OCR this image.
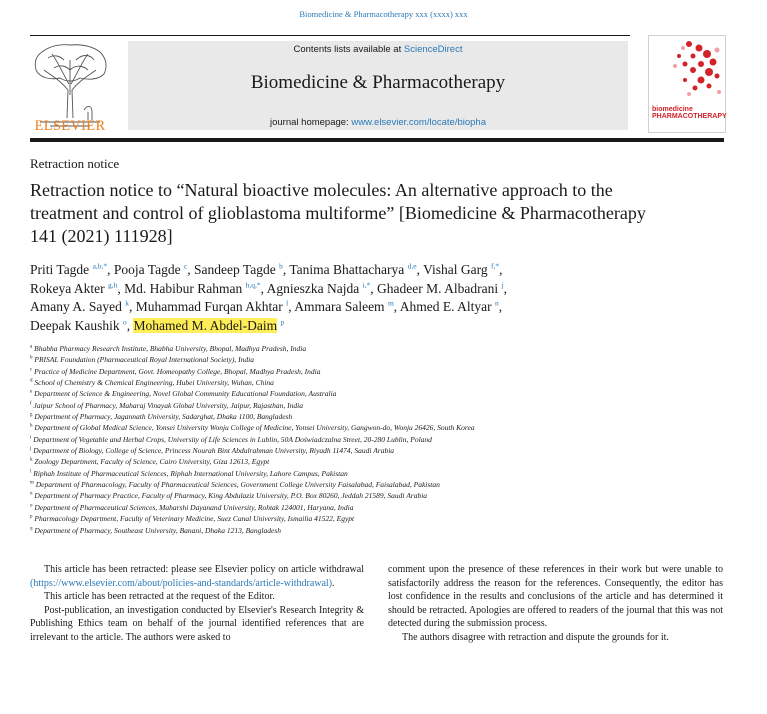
Biomedicine & Pharmacotherapy xxx (xxxx) xxx
ELSEVIER
Contents lists available at ScienceDirect
Biomedicine & Pharmacotherapy
journal homepage: www.elsevier.com/locate/biopha
biomedicine
PHARMACOTHERAPY
Retraction notice
Retraction notice to “Natural bioactive molecules: An alternative approach to the treatment and control of glioblastoma multiforme” [Biomedicine & Pharmacotherapy 141 (2021) 111928]
Priti Tagde $^{a,b,*}$, Pooja Tagde $^c$, Sandeep Tagde $^b$, Tanima Bhattacharya $^{d,e}$, Vishal Garg $^{f,*}$,
Rokeya Akter $^{g,h}$, Md. Habibur Rahman $^{h,q,*}$, Agnieszka Najda $^{i,*}$, Ghadeer M. Albadrani $^j$,
Amany A. Sayed $^k$, Muhammad Furqan Akhtar $^l$, Ammara Saleem $^m$, Ahmed E. Altyar $^n$,
Deepak Kaushik $^o$, Mohamed M. Abdel-Daim $^p$
$^a$ Bhabha Pharmacy Research Institute, Bhabha University, Bhopal, Madhya Pradesh, India
$^b$ PRISAL Foundation (Pharmaceutical Royal International Society), India
$^c$ Practice of Medicine Department, Govt. Homeopathy College, Bhopal, Madhya Pradesh, India
$^d$ School of Chemistry & Chemical Engineering, Hubei University, Wuhan, China
$^e$ Department of Science & Engineering, Novel Global Community Educational Foundation, Australia
$^f$ Jaipur School of Pharmacy, Maharaj Vinayak Global University, Jaipur, Rajasthan, India
$^g$ Department of Pharmacy, Jagannath University, Sadarghat, Dhaka 1100, Bangladesh
$^h$ Department of Global Medical Science, Yonsei University Wonju College of Medicine, Yonsei University, Gangwon-do, Wonju 26426, South Korea
$^i$ Department of Vegetable and Herbal Crops, University of Life Sciences in Lublin, 50A Doświadczalna Street, 20-280 Lublin, Poland
$^j$ Department of Biology, College of Science, Princess Nourah Bint Abdulrahman University, Riyadh 11474, Saudi Arabia
$^k$ Zoology Department, Faculty of Science, Cairo University, Giza 12613, Egypt
$^l$ Riphah Institute of Pharmaceutical Sciences, Riphah International University, Lahore Campus, Pakistan
$^m$ Department of Pharmacology, Faculty of Pharmaceutical Sciences, Government College University Faisalabad, Faisalabad, Pakistan
$^n$ Department of Pharmacy Practice, Faculty of Pharmacy, King Abdulaziz University, P.O. Box 80260, Jeddah 21589, Saudi Arabia
$^o$ Department of Pharmaceutical Sciences, Maharshi Dayanand University, Rohtak 124001, Haryana, India
$^p$ Pharmacology Department, Faculty of Veterinary Medicine, Suez Canal University, Ismailia 41522, Egypt
$^q$ Department of Pharmacy, Southeast University, Banani, Dhaka 1213, Bangladesh

This article has been retracted: please see Elsevier policy on article withdrawal (https://www.elsevier.com/about/policies-and-standards/article-withdrawal).

This article has been retracted at the request of the Editor.

Post-publication, an investigation conducted by Elsevier's Research Integrity & Publishing Ethics team on behalf of the journal identified references that are irrelevant to the article. The authors were asked to

comment upon the presence of these references in their work but were unable to satisfactorily address the reason for the references. Consequently, the editor has lost confidence in the results and conclusions of the article and has determined it should be retracted. Apologies are offered to readers of the journal that this was not detected during the submission process.

The authors disagree with retraction and dispute the grounds for it.
